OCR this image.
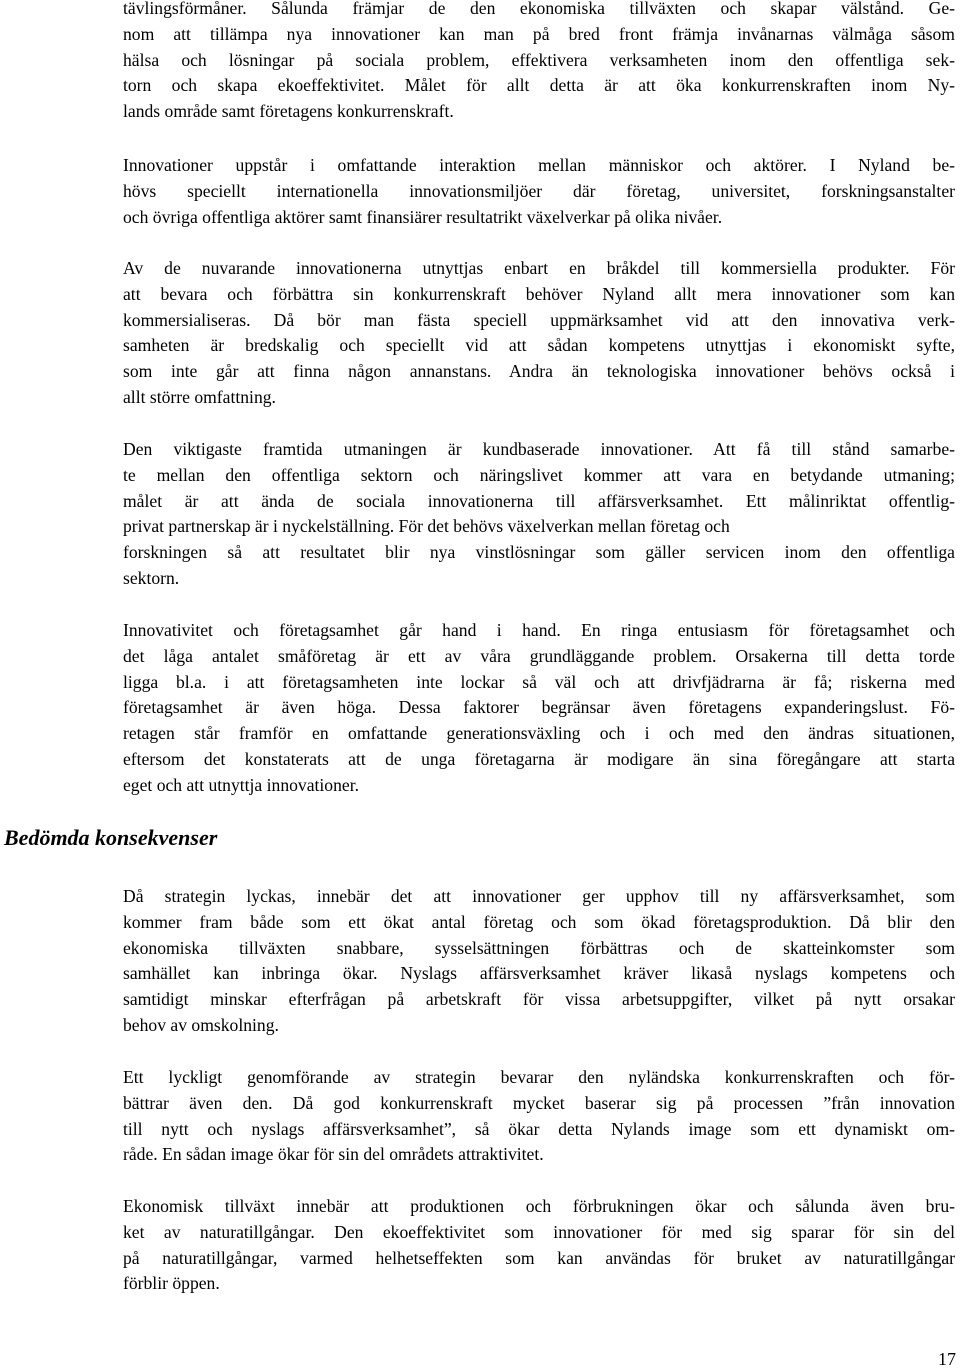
tävlingsförmåner. Sålunda främjar de den ekonomiska tillväxten och skapar välstånd. Ge-
nom att tillämpa nya innovationer kan man på bred front främja invånarnas välmåga såsom
hälsa och lösningar på sociala problem, effektivera verksamheten inom den offentliga sek-
torn och skapa ekoeffektivitet. Målet för allt detta är att öka konkurrenskraften inom Ny-
lands område samt företagens konkurrenskraft.

Innovationer uppstår i omfattande interaktion mellan människor och aktörer. I Nyland be-
hövs speciellt internationella innovationsmiljöer där företag, universitet, forskningsanstalter
och övriga offentliga aktörer samt finansiärer resultatrikt växelverkar på olika nivåer.

Av de nuvarande innovationerna utnyttjas enbart en bråkdel till kommersiella produkter. För
att bevara och förbättra sin konkurrenskraft behöver Nyland allt mera innovationer som kan
kommersialiseras. Då bör man fästa speciell uppmärksamhet vid att den innovativa verk-
samheten är bredskalig och speciellt vid att sådan kompetens utnyttjas i ekonomiskt syfte,
som inte går att finna någon annanstans. Andra än teknologiska innovationer behövs också i
allt större omfattning.

Den viktigaste framtida utmaningen är kundbaserade innovationer. Att få till stånd samarbe-
te mellan den offentliga sektorn och näringslivet kommer att vara en betydande utmaning;
målet är att ända de sociala innovationerna till affärsverksamhet. Ett målinriktat offentlig-
privat partnerskap är i nyckelställning. För det behövs växelverkan mellan företag och
forskningen så att resultatet blir nya vinstlösningar som gäller servicen inom den offentliga
sektorn.

Innovativitet och företagsamhet går hand i hand. En ringa entusiasm för företagsamhet och
det låga antalet småföretag är ett av våra grundläggande problem. Orsakerna till detta torde
ligga bl.a. i att företagsamheten inte lockar så väl och att drivfjädrarna är få; riskerna med
företagsamhet är även höga. Dessa faktorer begränsar även företagens expanderingslust. Fö-
retagen står framför en omfattande generationsväxling och i och med den ändras situationen,
eftersom det konstaterats att de unga företagarna är modigare än sina föregångare att starta
eget och att utnyttja innovationer.

Bedömda konsekvenser

Då strategin lyckas, innebär det att innovationer ger upphov till ny affärsverksamhet, som
kommer fram både som ett ökat antal företag och som ökad företagsproduktion. Då blir den
ekonomiska tillväxten snabbare, sysselsättningen förbättras och de skatteinkomster som
samhället kan inbringa ökar. Nyslags affärsverksamhet kräver likaså nyslags kompetens och
samtidigt minskar efterfrågan på arbetskraft för vissa arbetsuppgifter, vilket på nytt orsakar
behov av omskolning.

Ett lyckligt genomförande av strategin bevarar den nyländska konkurrenskraften och för-
bättrar även den. Då god konkurrenskraft mycket baserar sig på processen ”från innovation
till nytt och nyslags affärsverksamhet”, så ökar detta Nylands image som ett dynamiskt om-
råde. En sådan image ökar för sin del områdets attraktivitet.

Ekonomisk tillväxt innebär att produktionen och förbrukningen ökar och sålunda även bru-
ket av naturatillgångar. Den ekoeffektivitet som innovationer för med sig sparar för sin del
på naturatillgångar, varmed helhetseffekten som kan användas för bruket av naturatillgångar
förblir öppen.

17
